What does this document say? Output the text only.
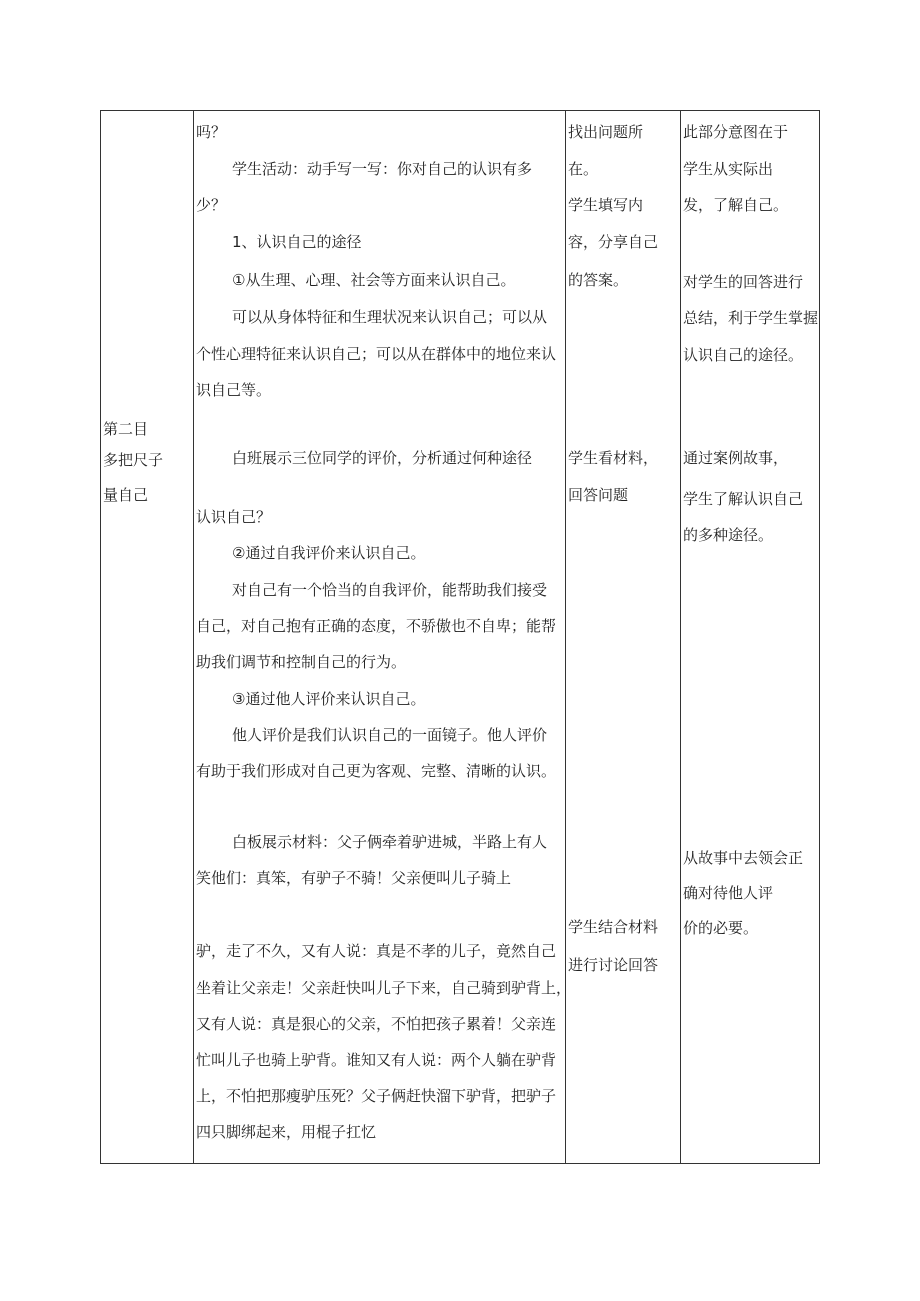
第二目
多把尺子
量自己
吗？
学生活动：动手写一写：你对自己的认识有多
少？
1、认识自己的途径
①从生理、心理、社会等方面来认识自己。
可以从身体特征和生理状况来认识自己；可以从
个性心理特征来认识自己；可以从在群体中的地位来认
识自己等。
白班展示三位同学的评价，分析通过何种途径
认识自己？
②通过自我评价来认识自己。
对自己有一个恰当的自我评价，能帮助我们接受
自己，对自己抱有正确的态度，不骄傲也不自卑；能帮
助我们调节和控制自己的行为。
③通过他人评价来认识自己。
他人评价是我们认识自己的一面镜子。他人评价
有助于我们形成对自己更为客观、完整、清晰的认识。
白板展示材料：父子俩牵着驴进城，半路上有人
笑他们：真笨，有驴子不骑！父亲便叫儿子骑上
驴，走了不久，又有人说：真是不孝的儿子，竟然自己
坐着让父亲走！父亲赶快叫儿子下来，自己骑到驴背上，
又有人说：真是狠心的父亲，不怕把孩子累着！父亲连
忙叫儿子也骑上驴背。谁知又有人说：两个人躺在驴背
上，不怕把那瘦驴压死？父子俩赶快溜下驴背，把驴子
四只脚绑起来，用棍子扛忆
找出问题所
在。
学生填写内
容，分享自己
的答案。
学生看材料，
回答问题
学生结合材料
进行讨论回答
此部分意图在于
学生从实际出
发，了解自己。
对学生的回答进行
总结，利于学生掌握
认识自己的途径。
通过案例故事，
学生了解认识自己
的多种途径。
从故事中去领会正
确对待他人评
价的必要。
